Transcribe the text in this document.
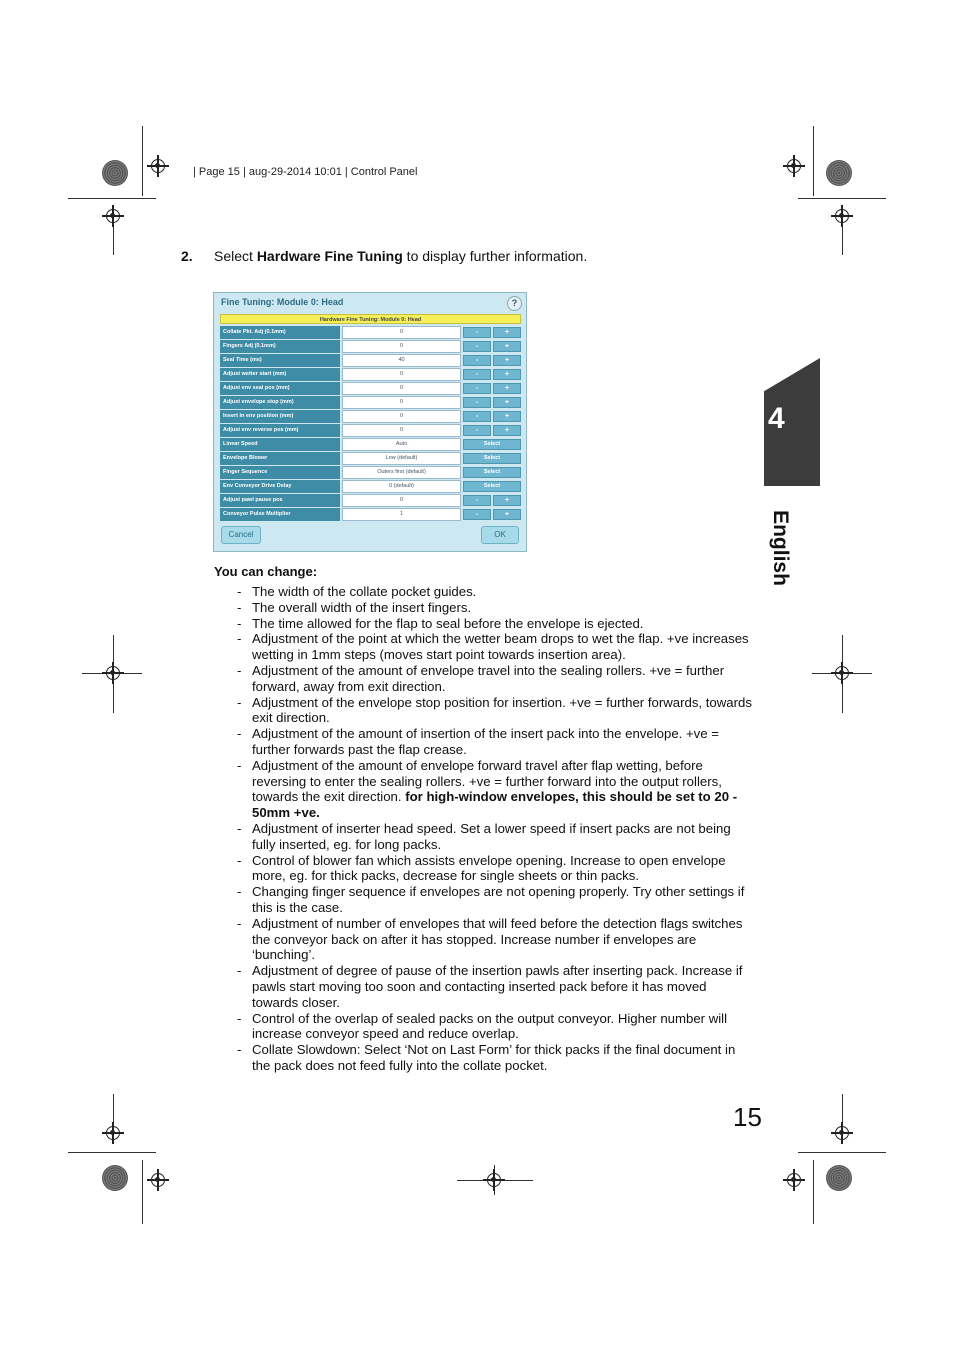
| Page 15 | aug-29-2014 10:01 | Control Panel
2. Select Hardware Fine Tuning to display further information.
Fine Tuning: Module 0: Head	?
Hardware Fine Tuning: Module 0: Head
Collate Pkt. Adj (0.1mm)	0	-	+
Fingers Adj (0.1mm)	0	-	+
Seal Time (ms)	40	-	+
Adjust wetter start (mm)	0	-	+
Adjust env seal pos (mm)	0	-	+
Adjust envelope stop (mm)	0	-	+
Insert in env position (mm)	0	-	+
Adjust env reverse pos (mm)	0	-	+
Linear Speed	Auto	Select
Envelope Blower	Low (default)	Select
Finger Sequence	Outers first (default)	Select
Env Conveyor Drive Delay	0 (default)	Select
Adjust pawl pause pos	0	-	+
Conveyor Pulse Multiplier	1	-	+
Cancel	OK
You can change:
- The width of the collate pocket guides.
- The overall width of the insert fingers.
- The time allowed for the flap to seal before the envelope is ejected.
- Adjustment of the point at which the wetter beam drops to wet the flap. +ve increases wetting in 1mm steps (moves start point towards insertion area).
- Adjustment of the amount of envelope travel into the sealing rollers. +ve = further forward, away from exit direction.
- Adjustment of the envelope stop position for insertion. +ve = further forwards, towards exit direction.
- Adjustment of the amount of insertion of the insert pack into the envelope. +ve = further forwards past the flap crease.
- Adjustment of the amount of envelope forward travel after flap wetting, before reversing to enter the sealing rollers. +ve = further forward into the output rollers, towards the exit direction. for high-window envelopes, this should be set to 20 - 50mm +ve.
- Adjustment of inserter head speed. Set a lower speed if insert packs are not being fully inserted, eg. for long packs.
- Control of blower fan which assists envelope opening. Increase to open envelope more, eg. for thick packs, decrease for single sheets or thin packs.
- Changing finger sequence if envelopes are not opening properly. Try other settings if this is the case.
- Adjustment of number of envelopes that will feed before the detection flags switches the conveyor back on after it has stopped. Increase number if envelopes are ‘bunching’.
- Adjustment of degree of pause of the insertion pawls after inserting pack. Increase if pawls start moving too soon and contacting inserted pack before it has moved towards closer.
- Control of the overlap of sealed packs on the output conveyor. Higher number will increase conveyor speed and reduce overlap.
- Collate Slowdown: Select ‘Not on Last Form’ for thick packs if the final document in the pack does not feed fully into the collate pocket.
4
English
15
